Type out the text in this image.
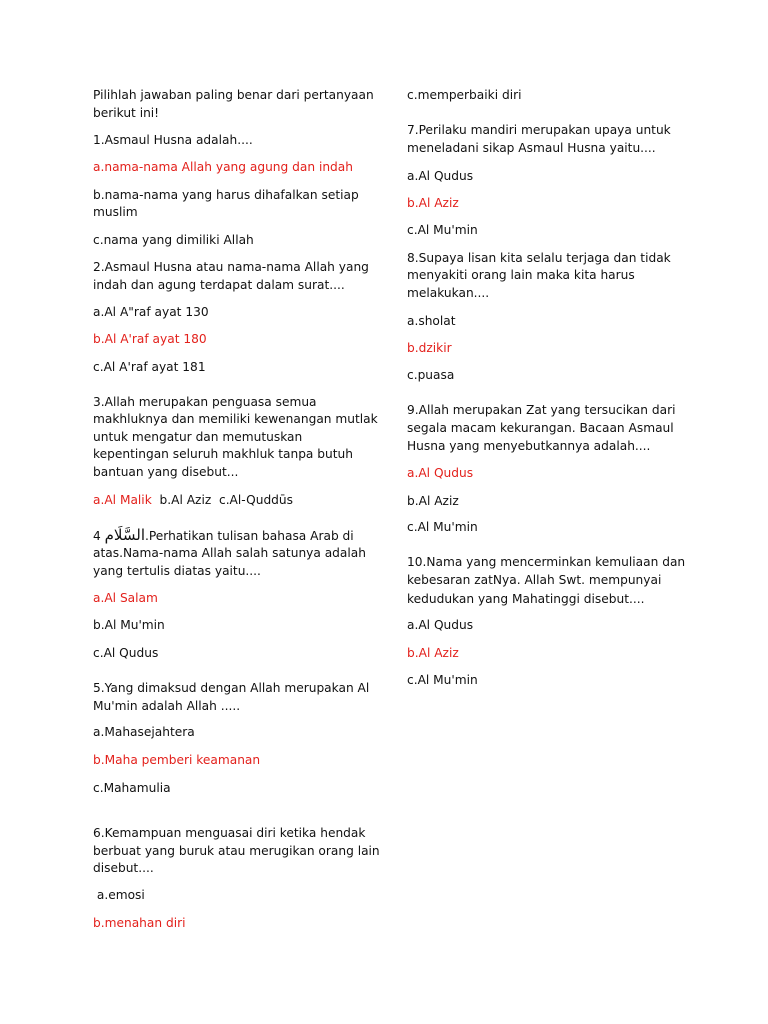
Pilihlah jawaban paling benar dari pertanyaan
berikut ini!
1.Asmaul Husna adalah....
a.nama-nama Allah yang agung dan indah
b.nama-nama yang harus dihafalkan setiap
muslim
c.nama yang dimiliki Allah
2.Asmaul Husna atau nama-nama Allah yang
indah dan agung terdapat dalam surat....
a.Al A"raf ayat 130
b.Al A'raf ayat 180
c.Al A'raf ayat 181
3.Allah merupakan penguasa semua
makhluknya dan memiliki kewenangan mutlak
untuk mengatur dan memutuskan
kepentingan seluruh makhluk tanpa butuh
bantuan yang disebut...
a.Al Malik  b.Al Aziz  c.Al-Quddūs
4 السَّلَام.Perhatikan tulisan bahasa Arab di
atas.Nama-nama Allah salah satunya adalah
yang tertulis diatas yaitu....
a.Al Salam
b.Al Mu'min
c.Al Qudus
5.Yang dimaksud dengan Allah merupakan Al
Mu'min adalah Allah .....
a.Mahasejahtera
b.Maha pemberi keamanan
c.Mahamulia
6.Kemampuan menguasai diri ketika hendak
berbuat yang buruk atau merugikan orang lain
disebut....
a.emosi
b.menahan diri
c.memperbaiki diri
7.Perilaku mandiri merupakan upaya untuk
meneladani sikap Asmaul Husna yaitu....
a.Al Qudus
b.Al Aziz
c.Al Mu'min
8.Supaya lisan kita selalu terjaga dan tidak
menyakiti orang lain maka kita harus
melakukan....
a.sholat
b.dzikir
c.puasa
9.Allah merupakan Zat yang tersucikan dari
segala macam kekurangan. Bacaan Asmaul
Husna yang menyebutkannya adalah....
a.Al Qudus
b.Al Aziz
c.Al Mu'min
10.Nama yang mencerminkan kemuliaan dan
kebesaran zatNya. Allah Swt. mempunyai
kedudukan yang Mahatinggi disebut....
a.Al Qudus
b.Al Aziz
c.Al Mu'min
